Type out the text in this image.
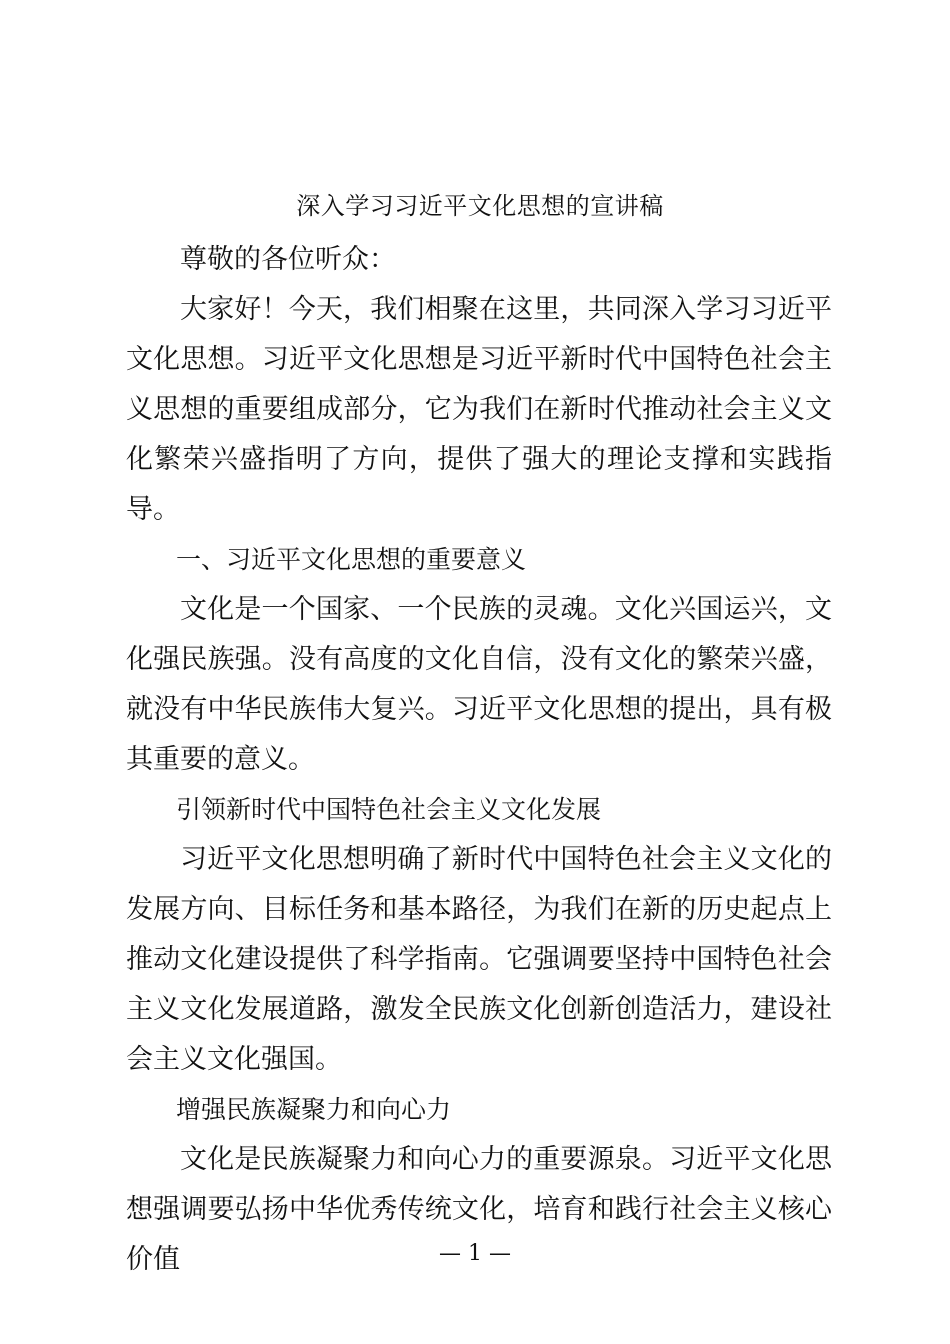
深入学习习近平文化思想的宣讲稿

尊敬的各位听众：

大家好！今天，我们相聚在这里，共同深入学习习近平文化思想。习近平文化思想是习近平新时代中国特色社会主义思想的重要组成部分，它为我们在新时代推动社会主义文化繁荣兴盛指明了方向，提供了强大的理论支撑和实践指导。

一、习近平文化思想的重要意义

文化是一个国家、一个民族的灵魂。文化兴国运兴，文化强民族强。没有高度的文化自信，没有文化的繁荣兴盛，就没有中华民族伟大复兴。习近平文化思想的提出，具有极其重要的意义。

引领新时代中国特色社会主义文化发展

习近平文化思想明确了新时代中国特色社会主义文化的发展方向、目标任务和基本路径，为我们在新的历史起点上推动文化建设提供了科学指南。它强调要坚持中国特色社会主义文化发展道路，激发全民族文化创新创造活力，建设社会主义文化强国。

增强民族凝聚力和向心力

文化是民族凝聚力和向心力的重要源泉。习近平文化思想强调要弘扬中华优秀传统文化，培育和践行社会主义核心价值	— 1 —
